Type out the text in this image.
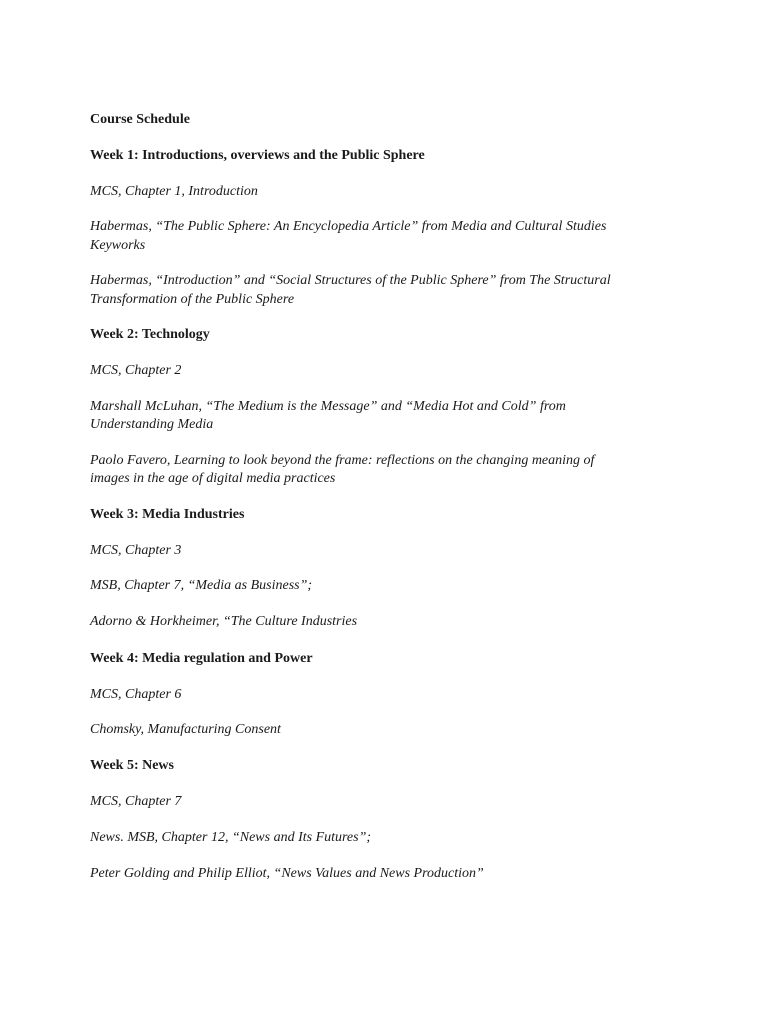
Course Schedule
Week 1: Introductions, overviews and the Public Sphere
MCS, Chapter 1, Introduction
Habermas, “The Public Sphere: An Encyclopedia Article” from Media and Cultural Studies
Keyworks
Habermas, “Introduction” and “Social Structures of the Public Sphere” from The Structural
Transformation of the Public Sphere
Week 2: Technology
MCS, Chapter 2
Marshall McLuhan, “The Medium is the Message” and “Media Hot and Cold” from
Understanding Media
Paolo Favero, Learning to look beyond the frame: reflections on the changing meaning of
images in the age of digital media practices
Week 3: Media Industries
MCS, Chapter 3
MSB, Chapter 7, “Media as Business”;
Adorno & Horkheimer, “The Culture Industries
Week 4: Media regulation and Power
MCS, Chapter 6
Chomsky, Manufacturing Consent
Week 5: News
MCS, Chapter 7
News. MSB, Chapter 12, “News and Its Futures”;
Peter Golding and Philip Elliot, “News Values and News Production”
